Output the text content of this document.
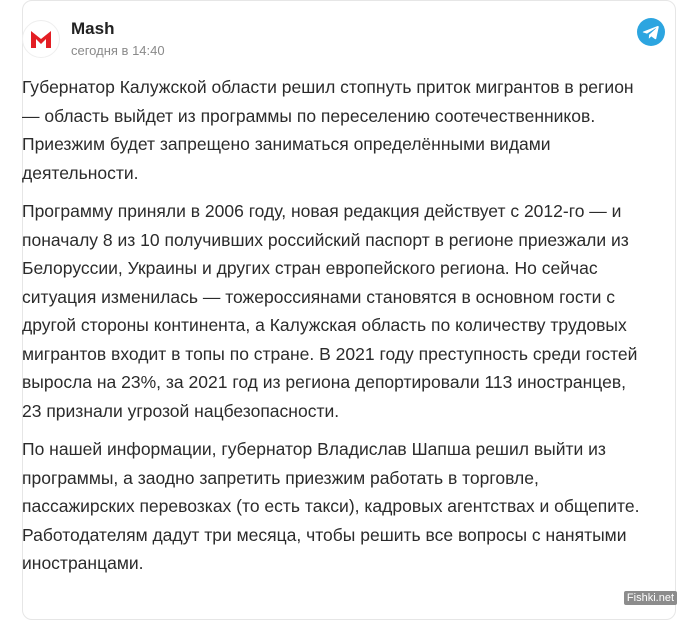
Mash
сегодня в 14:40

Губернатор Калужской области решил стопнуть приток мигрантов в регион — область выйдет из программы по переселению соотечественников. Приезжим будет запрещено заниматься определёнными видами деятельности.

Программу приняли в 2006 году, новая редакция действует с 2012-го — и поначалу 8 из 10 получивших российский паспорт в регионе приезжали из Белоруссии, Украины и других стран европейского региона. Но сейчас ситуация изменилась — тожероссиянами становятся в основном гости с другой стороны континента, а Калужская область по количеству трудовых мигрантов входит в топы по стране. В 2021 году преступность среди гостей выросла на 23%, за 2021 год из региона депортировали 113 иностранцев, 23 признали угрозой нацбезопасности.

По нашей информации, губернатор Владислав Шапша решил выйти из программы, а заодно запретить приезжим работать в торговле, пассажирских перевозках (то есть такси), кадровых агентствах и общепите. Работодателям дадут три месяца, чтобы решить все вопросы с нанятыми иностранцами.

Fishki.net
